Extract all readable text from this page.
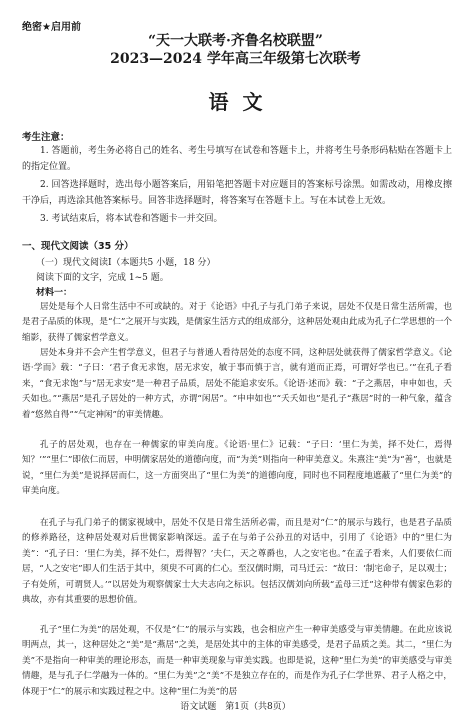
绝密★启用前
“天一大联考·齐鲁名校联盟”
2023—2024 学年高三年级第七次联考
语文
考生注意：
1. 答题前，考生务必将自己的姓名、考生号填写在试卷和答题卡上，并将考生号条形码粘贴在答题卡上的指定位置。
2. 回答选择题时，选出每小题答案后，用铅笔把答题卡对应题目的答案标号涂黑。如需改动，用橡皮擦干净后，再选涂其他答案标号。回答非选择题时，将答案写在答题卡上。写在本试卷上无效。
3. 考试结束后，将本试卷和答题卡一并交回。
一、现代文阅读（35 分）
（一）现代文阅读Ⅰ（本题共5 小题，18 分）
阅读下面的文字，完成 1~5 题。
材料一：
居处是每个人日常生活中不可或缺的。对于《论语》中孔子与孔门弟子来说，居处不仅是日常生活所需，也是君子品质的体现，是“仁”之展开与实践，是儒家生活方式的组成部分，这种居处观由此成为孔子仁学思想的一个缩影，获得了儒家哲学意义。
居处本身并不会产生哲学意义，但君子与普通人看待居处的态度不同，这种居处就获得了儒家哲学意义。《论语·学而》载：“子曰：‘君子食无求饱，居无求安，敏于事而慎于言，就有道而正焉，可谓好学也已。’”在孔子看来，“食无求饱”与“居无求安”是一种君子品质，居处不能追求安乐。《论语·述而》载：“子之燕居，申申如也，夭夭如也。”“燕居”是孔子居处的一种方式，亦谓“闲居”。“申申如也”“夭夭如也”是孔子“燕居”时的一种气象，蕴含着“悠然自得”“气定神闲”的审美情趣。
孔子的居处观，也存在一种儒家的审美向度。《论语·里仁》记载：“子曰：‘里仁为美，择不处仁，焉得知？’”“里仁”即依仁而居，申明儒家居处的道德向度，而“为美”则指向一种审美意义。朱熹注“美”为“善”，也就是说，“里仁为美”是说择居而仁，这一方面突出了“里仁为美”的道德向度，同时也不同程度地遮蔽了“里仁为美”的审美向度。
在孔子与孔门弟子的儒家视域中，居处不仅是日常生活所必需，而且是对“仁”的展示与践行，也是君子品质的修养路径，这种居处观对后世儒家影响深远。孟子在与弟子公孙丑的对话中，引用了《论语》中的“里仁为美”：“孔子曰：‘里仁为美，择不处仁，焉得智？’夫仁，天之尊爵也，人之安宅也。”在孟子看来，人们要依仁而居，“人之安宅”即人们生活于其中，须臾不可离的仁心。至汉儒时期，司马迁云：“故曰：‘制宅命子，足以观士；子有处所，可谓贤人。’”以居处为观察儒家士大夫志向之标识。包括汉儒刘向所载“孟母三迁”这种带有儒家色彩的典故，亦有其重要的思想价值。
孔子“里仁为美”的居处观，不仅是“仁”的展示与实践，也会相应产生一种审美感受与审美情趣。在此应该说明两点，其一，这种居处之“美”是“燕居”之美，是居处其中的主体的审美感受，是君子品质之美。其二，“里仁为美”不是指向一种审美的理论形态，而是一种审美现象与审美实践。也即是说，这种“里仁为美”的审美感受与审美情趣，是与孔子仁学融为一体的。“里仁为美”之“美”不是独立存在的，而是作为孔子仁学世界、君子人格之中，体现于“仁”的展示和实践过程之中。这种“里仁为美”的居
语文试题　第1页（共8页）
